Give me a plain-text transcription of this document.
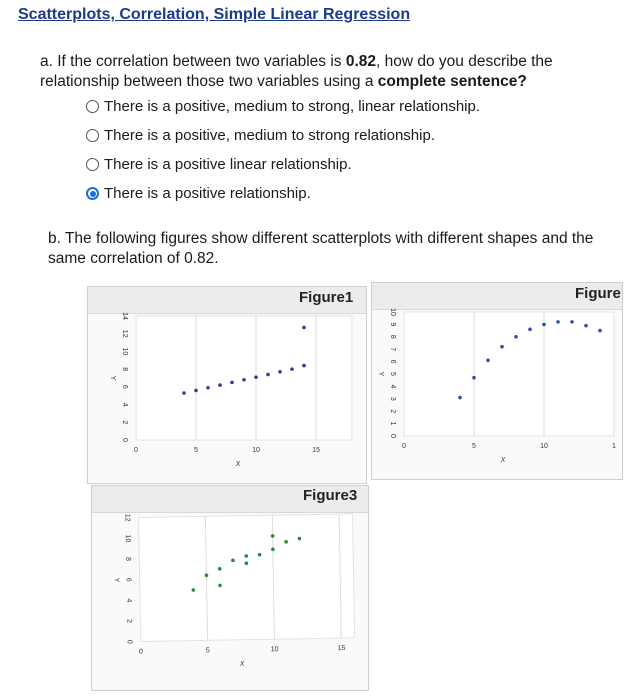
Scatterplots, Correlation, Simple Linear Regression
a. If the correlation between two variables is 0.82, how do you describe the relationship between those two variables using a complete sentence?
There is a positive, medium to strong, linear relationship.
There is a positive, medium to strong relationship.
There is a positive linear relationship.
There is a positive relationship.
b. The following figures show different scatterplots with different shapes and the same correlation of 0.82.
Figure1	Figure
Figure3
0	5	10	15
0
2
4
6
8
10
12
14
X
Y
0	5	10	1
0
1
2
3
4
5
6
7
8
9
10
X
Y
0	5	10	15
0
2
4
6
8
10
12
X
Y
